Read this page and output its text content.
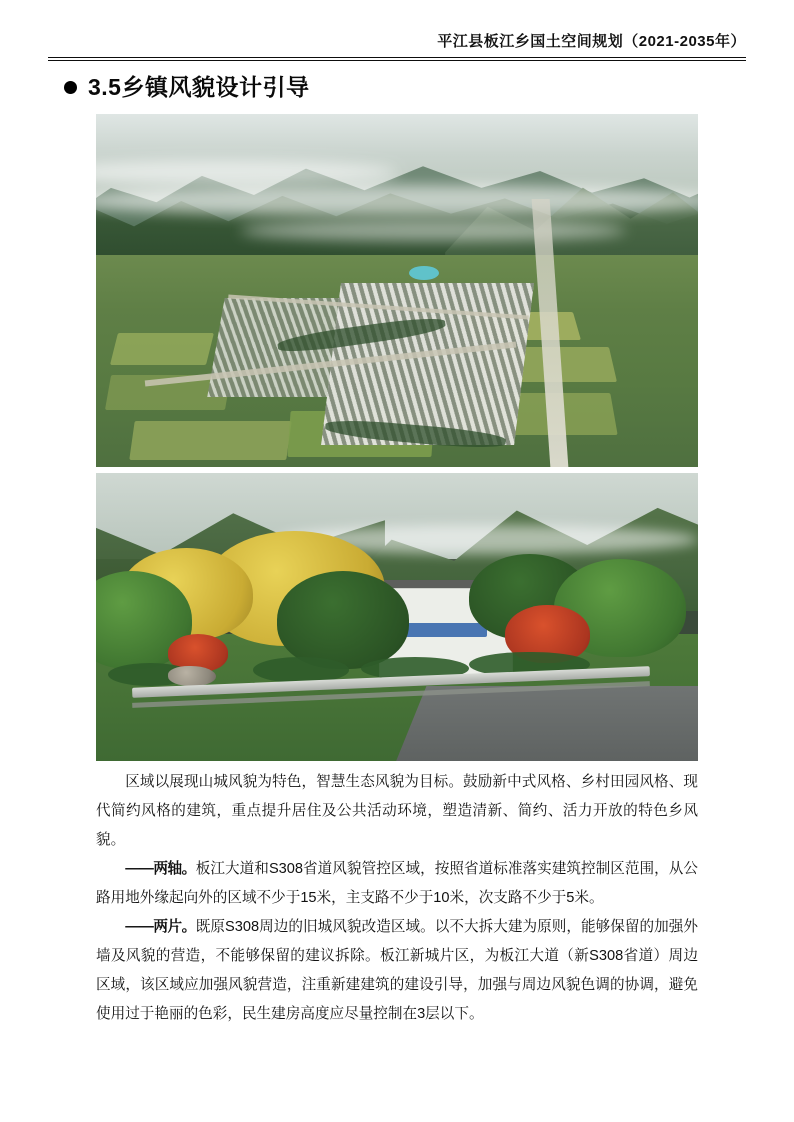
平江县板江乡国土空间规划（2021-2035年）
3.5乡镇风貌设计引导

区域以展现山城风貌为特色，智慧生态风貌为目标。鼓励新中式风格、乡村田园风格、现代简约风格的建筑，重点提升居住及公共活动环境，塑造清新、简约、活力开放的特色乡风貌。

——两轴。板江大道和S308省道风貌管控区域，按照省道标准落实建筑控制区范围，从公路用地外缘起向外的区域不少于15米，主支路不少于10米，次支路不少于5米。

——两片。既原S308周边的旧城风貌改造区域。以不大拆大建为原则，能够保留的加强外墙及风貌的营造，不能够保留的建议拆除。板江新城片区，为板江大道（新S308省道）周边区域，该区域应加强风貌营造，注重新建建筑的建设引导，加强与周边风貌色调的协调，避免使用过于艳丽的色彩，民生建房高度应尽量控制在3层以下。
